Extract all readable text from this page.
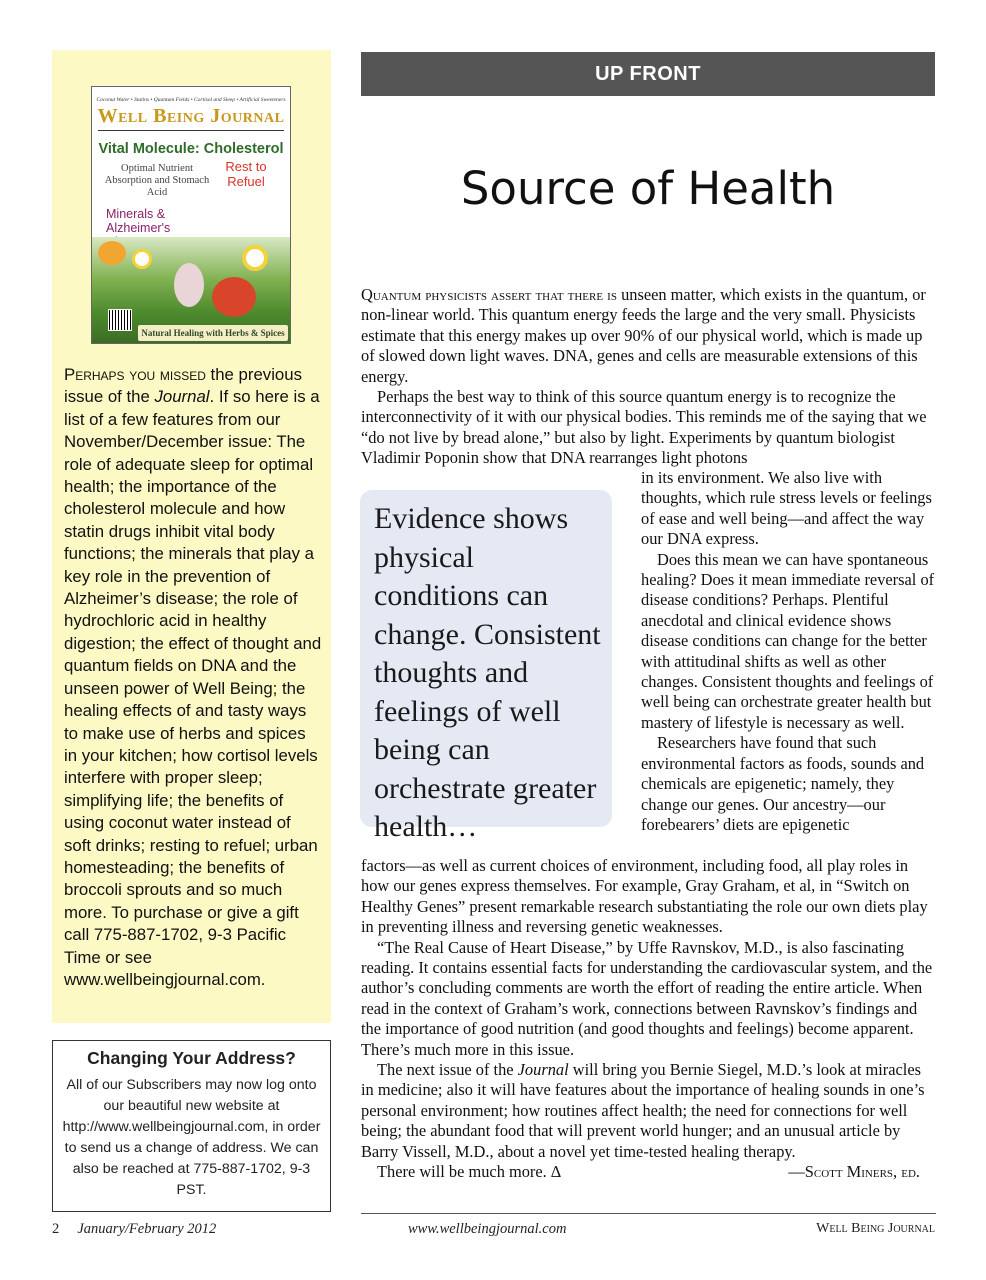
Coconut Water • Statins • Quantum Fields • Cortisol and Sleep • Artificial Sweeteners
Well Being Journal
Vital Molecule: Cholesterol
Optimal Nutrient Absorption and Stomach Acid
Rest to Refuel
Minerals & Alzheimer's
Natural Healing with Herbs & Spices
Perhaps you missed the previous issue of the Journal. If so here is a list of a few features from our November/December issue: The role of adequate sleep for optimal health; the importance of the cholesterol molecule and how statin drugs inhibit vital body functions; the minerals that play a key role in the prevention of Alzheimer’s disease; the role of hydrochloric acid in healthy digestion; the effect of thought and quantum fields on DNA and the unseen power of Well Being; the healing effects of and tasty ways to make use of herbs and spices in your kitchen; how cortisol levels interfere with proper sleep; simplifying life; the benefits of using coconut water instead of soft drinks; resting to refuel; urban homesteading; the benefits of broccoli sprouts and so much more. To purchase or give a gift call 775-887-1702, 9-3 Pacific Time or see www.wellbeingjournal.com.
Changing Your Address?
All of our Subscribers may now log onto our beautiful new website at http://www.wellbeingjournal.com, in order to send us a change of address. We can also be reached at 775-887-1702, 9-3 PST.
UP FRONT
Source of Health

Quantum physicists assert that there is unseen matter, which exists in the quantum, or non-linear world. This quantum energy feeds the large and the very small. Physicists estimate that this energy makes up over 90% of our physical world, which is made up of slowed down light waves. DNA, genes and cells are measurable extensions of this energy.

Perhaps the best way to think of this source quantum energy is to recognize the interconnectivity of it with our physical bodies. This reminds me of the saying that we “do not live by bread alone,” but also by light. Experiments by quantum biologist Vladimir Poponin show that DNA rearranges light photons

Evidence shows physical conditions can change. Consistent thoughts and feelings of well being can orchestrate greater health…

in its environment. We also live with thoughts, which rule stress levels or feelings of ease and well being—and affect the way our DNA express.

Does this mean we can have spontaneous healing? Does it mean immediate reversal of disease conditions? Perhaps. Plentiful anecdotal and clinical evidence shows disease conditions can change for the better with attitudinal shifts as well as other changes. Consistent thoughts and feelings of well being can orchestrate greater health but mastery of lifestyle is necessary as well.

Researchers have found that such environmental factors as foods, sounds and chemicals are epigenetic; namely, they change our genes. Our ancestry—our forebearers’ diets are epigenetic

factors—as well as current choices of environment, including food, all play roles in how our genes express themselves. For example, Gray Graham, et al, in “Switch on Healthy Genes” present remarkable research substantiating the role our own diets play in preventing illness and reversing genetic weaknesses.

“The Real Cause of Heart Disease,” by Uffe Ravnskov, M.D., is also fascinating reading. It contains essential facts for understanding the cardiovascular system, and the author’s concluding comments are worth the effort of reading the entire article. When read in the context of Graham’s work, connections between Ravnskov’s findings and the importance of good nutrition (and good thoughts and feelings) become apparent. There’s much more in this issue.

The next issue of the Journal will bring you Bernie Siegel, M.D.’s look at miracles in medicine; also it will have features about the importance of healing sounds in one’s personal environment; how routines affect health; the need for connections for well being; the abundant food that will prevent world hunger; and an unusual article by Barry Vissell, M.D., about a novel yet time-tested healing therapy.

There will be much more. ∆	—Scott Miners, ed.

2 January/February 2012	www.wellbeingjournal.com	Well Being Journal
